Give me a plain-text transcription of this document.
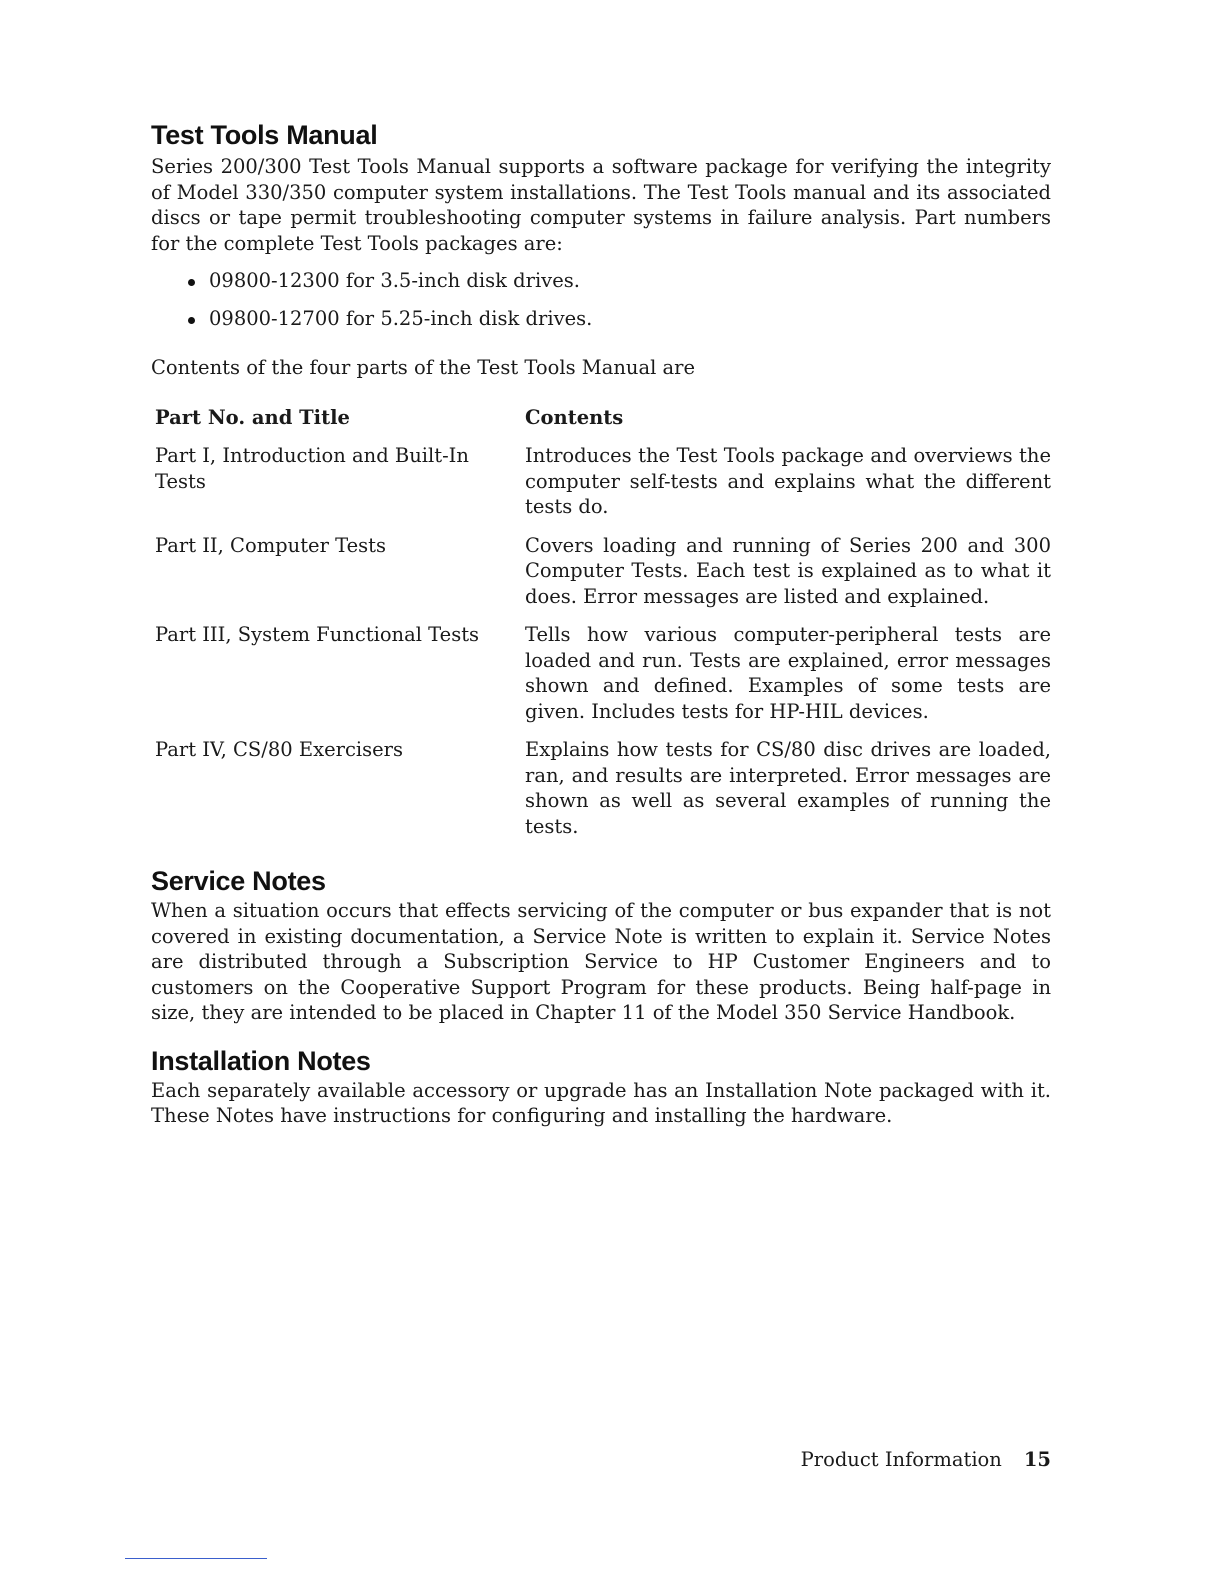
Test Tools Manual

Series 200/300 Test Tools Manual supports a software package for verifying the integrity of Model 330/350 computer system installations. The Test Tools manual and its associated discs or tape permit troubleshooting computer systems in failure analysis. Part numbers for the complete Test Tools packages are:

09800-12300 for 3.5-inch disk drives.
09800-12700 for 5.25-inch disk drives.

Contents of the four parts of the Test Tools Manual are

Part No. and Title	Contents
Part I, Introduction and Built-In Tests	Introduces the Test Tools package and overviews the computer self-tests and explains what the different tests do.
Part II, Computer Tests	Covers loading and running of Series 200 and 300 Computer Tests. Each test is explained as to what it does. Error messages are listed and explained.
Part III, System Functional Tests	Tells how various computer-peripheral tests are loaded and run. Tests are explained, error messages shown and defined. Examples of some tests are given. Includes tests for HP-HIL devices.
Part IV, CS/80 Exercisers	Explains how tests for CS/80 disc drives are loaded, ran, and results are interpreted. Error messages are shown as well as several examples of running the tests.
Service Notes

When a situation occurs that effects servicing of the computer or bus expander that is not covered in existing documentation, a Service Note is written to explain it. Service Notes are distributed through a Subscription Service to HP Customer Engineers and to customers on the Cooperative Support Program for these products. Being half-page in size, they are intended to be placed in Chapter 11 of the Model 350 Service Handbook.

Installation Notes

Each separately available accessory or upgrade has an Installation Note packaged with it. These Notes have instructions for configuring and installing the hardware.

Product Information 15
